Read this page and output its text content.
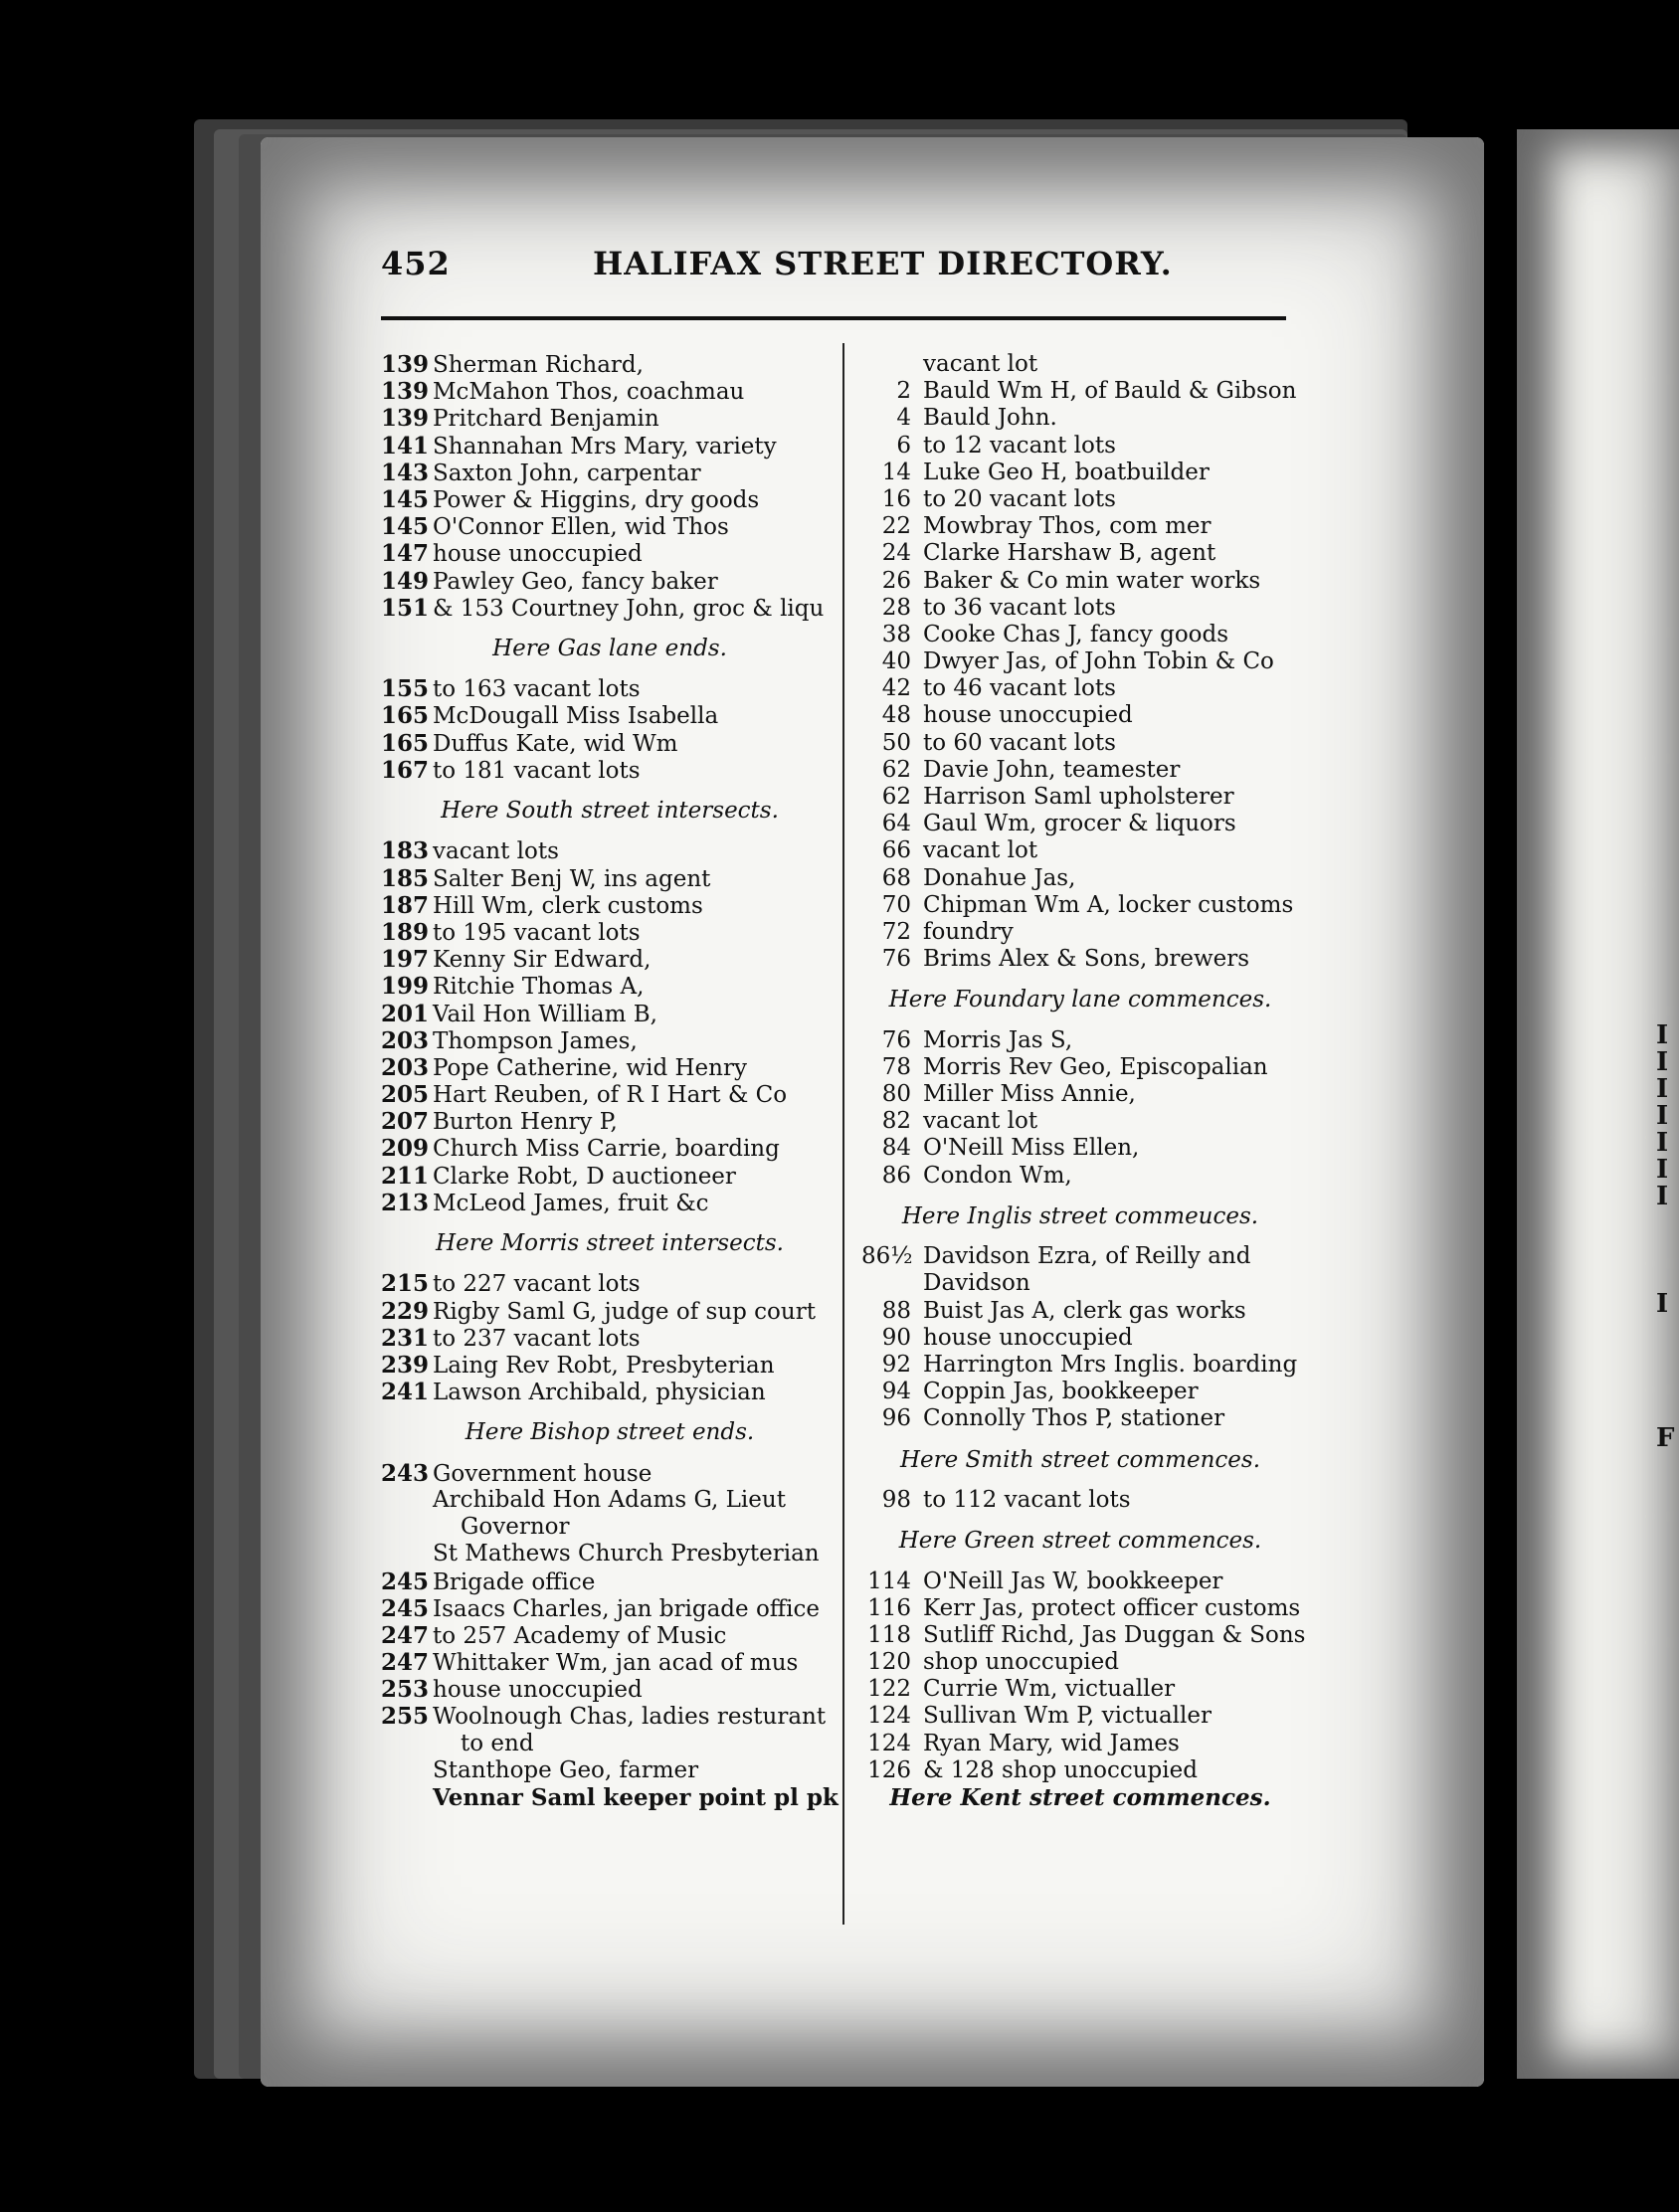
I
I
I
I
I
I
I
I
F
452	HALIFAX STREET DIRECTORY.
139 Sherman Richard,
139 McMahon Thos, coachmau
139 Pritchard Benjamin
141 Shannahan Mrs Mary, variety
143 Saxton John, carpentar
145 Power & Higgins, dry goods
145 O'Connor Ellen, wid Thos
147 house unoccupied
149 Pawley Geo, fancy baker
151 & 153 Courtney John, groc & liqu
Here Gas lane ends.
155 to 163 vacant lots
165 McDougall Miss Isabella
165 Duffus Kate, wid Wm
167 to 181 vacant lots
Here South street intersects.
183 vacant lots
185 Salter Benj W, ins agent
187 Hill Wm, clerk customs
189 to 195 vacant lots
197 Kenny Sir Edward,
199 Ritchie Thomas A,
201 Vail Hon William B,
203 Thompson James,
203 Pope Catherine, wid Henry
205 Hart Reuben, of R I Hart & Co
207 Burton Henry P,
209 Church Miss Carrie, boarding
211 Clarke Robt, D auctioneer
213 McLeod James, fruit &c
Here Morris street intersects.
215 to 227 vacant lots
229 Rigby Saml G, judge of sup court
231 to 237 vacant lots
239 Laing Rev Robt, Presbyterian
241 Lawson Archibald, physician
Here Bishop street ends.
243 Government house
Archibald Hon Adams G, Lieut
Governor
St Mathews Church Presbyterian
245 Brigade office
245 Isaacs Charles, jan brigade office
247 to 257 Academy of Music
247 Whittaker Wm, jan acad of mus
253 house unoccupied
255 Woolnough Chas, ladies resturant
to end
Stanthope Geo, farmer
Vennar Saml keeper point pl pk
vacant lot
2 Bauld Wm H, of Bauld & Gibson
4 Bauld John.
6 to 12 vacant lots
14 Luke Geo H, boatbuilder
16 to 20 vacant lots
22 Mowbray Thos, com mer
24 Clarke Harshaw B, agent
26 Baker & Co min water works
28 to 36 vacant lots
38 Cooke Chas J, fancy goods
40 Dwyer Jas, of John Tobin & Co
42 to 46 vacant lots
48 house unoccupied
50 to 60 vacant lots
62 Davie John, teamester
62 Harrison Saml upholsterer
64 Gaul Wm, grocer & liquors
66 vacant lot
68 Donahue Jas,
70 Chipman Wm A, locker customs
72 foundry
76 Brims Alex & Sons, brewers
Here Foundary lane commences.
76 Morris Jas S,
78 Morris Rev Geo, Episcopalian
80 Miller Miss Annie,
82 vacant lot
84 O'Neill Miss Ellen,
86 Condon Wm,
Here Inglis street commeuces.
86½ Davidson Ezra, of Reilly and
Davidson
88 Buist Jas A, clerk gas works
90 house unoccupied
92 Harrington Mrs Inglis. boarding
94 Coppin Jas, bookkeeper
96 Connolly Thos P, stationer
Here Smith street commences.
98 to 112 vacant lots
Here Green street commences.
114 O'Neill Jas W, bookkeeper
116 Kerr Jas, protect officer customs
118 Sutliff Richd, Jas Duggan & Sons
120 shop unoccupied
122 Currie Wm, victualler
124 Sullivan Wm P, victualler
124 Ryan Mary, wid James
126 & 128 shop unoccupied
Here Kent street commences.
